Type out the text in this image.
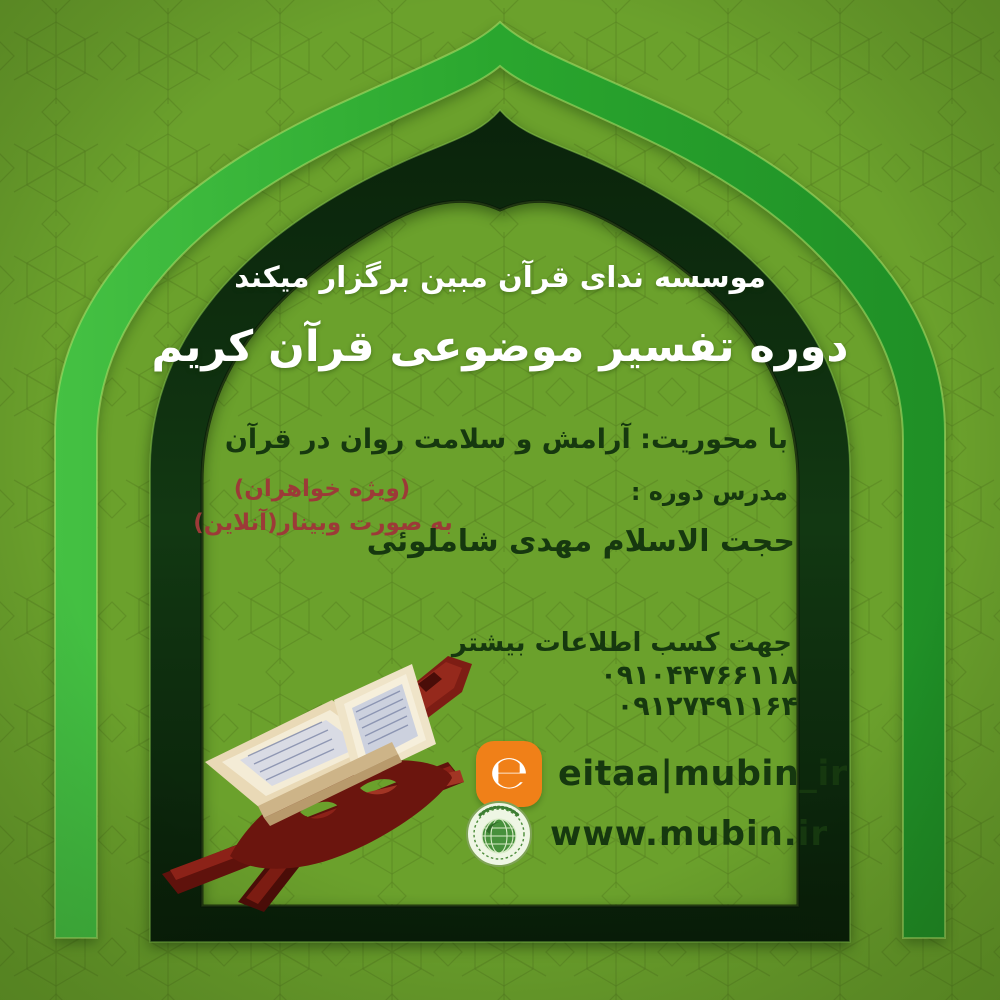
موسسه ندای قرآن مبین برگزار میکند
دوره تفسیر موضوعی قرآن کریم
با محوریت: آرامش و سلامت روان در قرآن
مدرس دوره :
(ویژه خواهران)
به صورت وبینار(آنلاین)
حجت الاسلام مهدی شاملوئی
جهت کسب اطلاعات بیشتر
۰۹۱۰۴۴۷۶۶۱۱۸
۰۹۱۲۷۴۹۱۱۶۴
℮ eitaa|mubin_ir
www.mubin.ir
